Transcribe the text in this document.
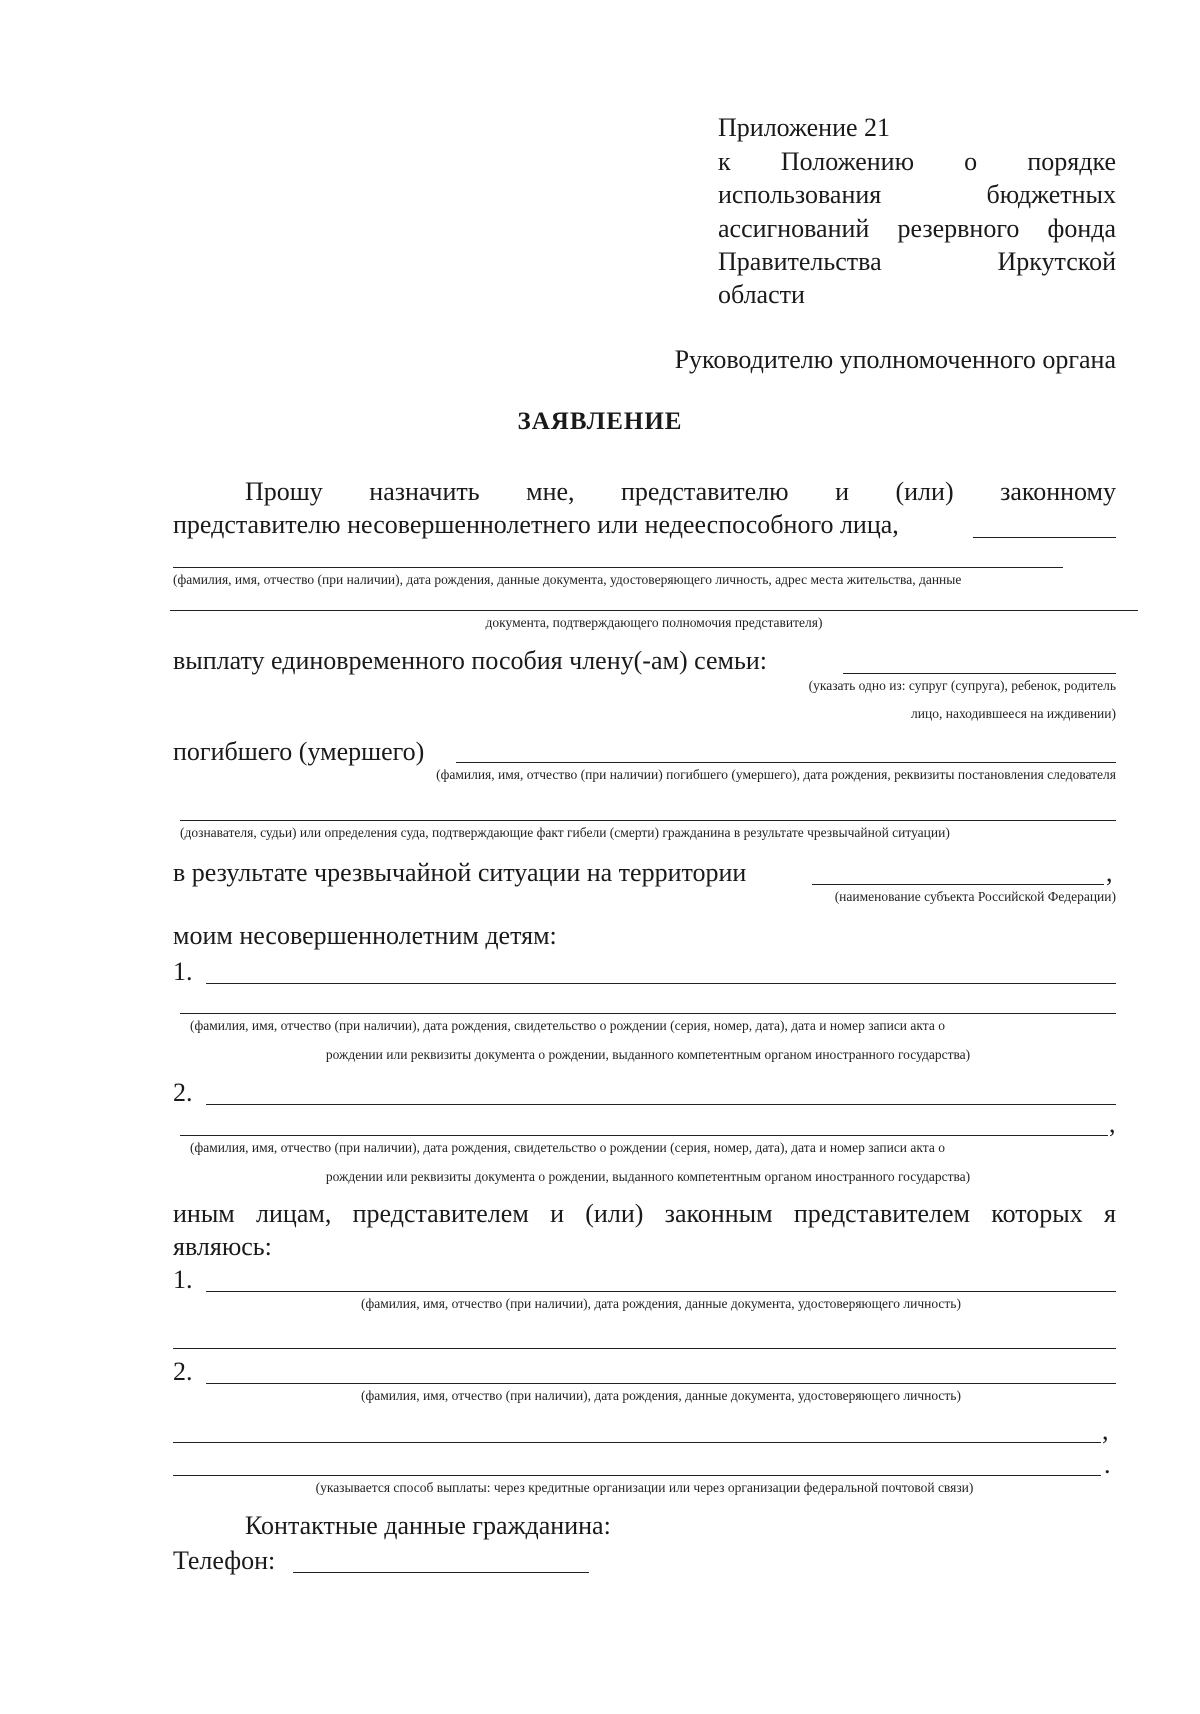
Приложение 21
к Положению о порядке
использования бюджетных
ассигнований резервного фонда
Правительства Иркутской
области
Руководителю уполномоченного органа
ЗАЯВЛЕНИЕ
Прошу назначить мне, представителю и (или) законному
представителю несовершеннолетнего или недееспособного лица,
(фамилия, имя, отчество (при наличии), дата рождения, данные документа, удостоверяющего личность, адрес места жительства, данные
документа, подтверждающего полномочия представителя)
выплату единовременного пособия члену(-ам) семьи:
(указать одно из: супруг (супруга), ребенок, родитель
лицо, находившееся на иждивении)
погибшего (умершего)
(фамилия, имя, отчество (при наличии) погибшего (умершего), дата рождения, реквизиты постановления следователя
(дознавателя, судьи) или определения суда, подтверждающие факт гибели (смерти) гражданина в результате чрезвычайной ситуации)
в результате чрезвычайной ситуации на территории	,
(наименование субъекта Российской Федерации)
моим несовершеннолетним детям:
1.
(фамилия, имя, отчество (при наличии), дата рождения, свидетельство о рождении (серия, номер, дата), дата и номер записи акта о
рождении или реквизиты документа о рождении, выданного компетентным органом иностранного государства)
2.
,
(фамилия, имя, отчество (при наличии), дата рождения, свидетельство о рождении (серия, номер, дата), дата и номер записи акта о
рождении или реквизиты документа о рождении, выданного компетентным органом иностранного государства)
иным лицам, представителем и (или) законным представителем которых я
являюсь:
1.
(фамилия, имя, отчество (при наличии), дата рождения, данные документа, удостоверяющего личность)
2.
(фамилия, имя, отчество (при наличии), дата рождения, данные документа, удостоверяющего личность)
,
.
(указывается способ выплаты: через кредитные организации или через организации федеральной почтовой связи)
Контактные данные гражданина:
Телефон:
